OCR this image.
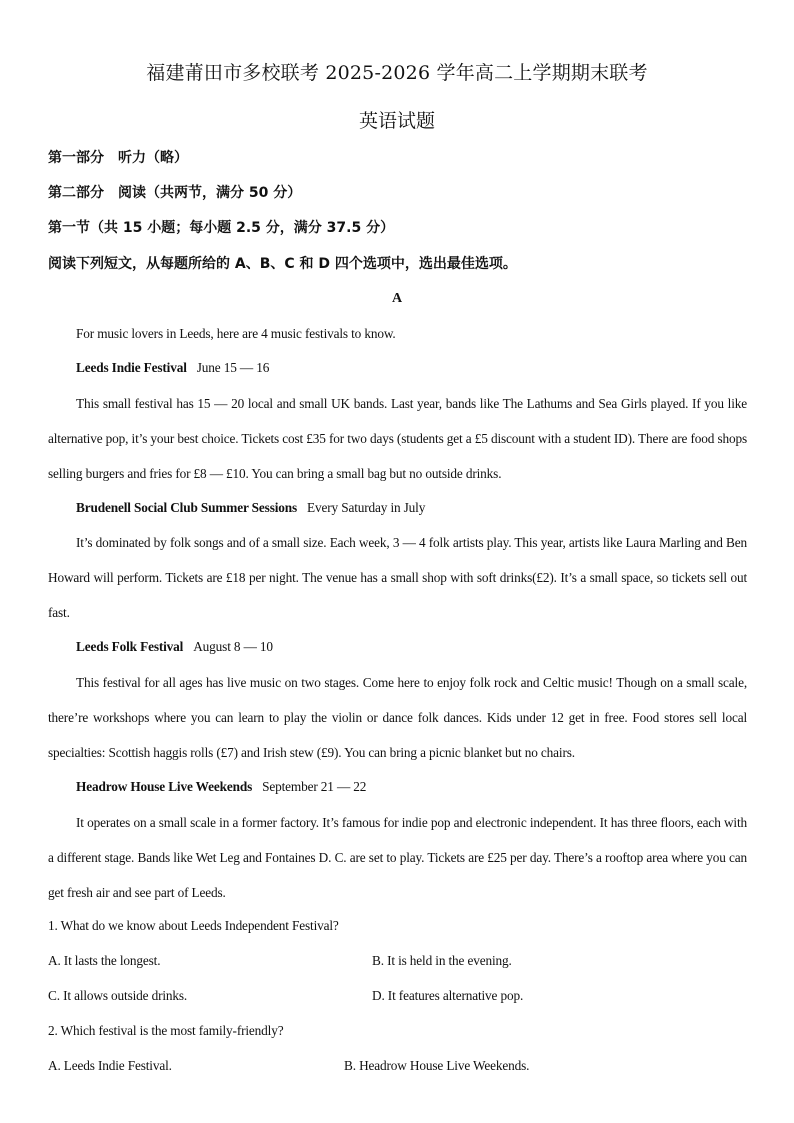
福建莆田市多校联考 2025-2026 学年高二上学期期末联考
英语试题
第一部分　听力（略）
第二部分　阅读（共两节，满分 50 分）
第一节（共 15 小题；每小题 2.5 分，满分 37.5 分）
阅读下列短文，从每题所给的 A、B、C 和 D 四个选项中，选出最佳选项。
A
For music lovers in Leeds, here are 4 music festivals to know.
Leeds Indie Festival June 15 — 16
This small festival has 15 — 20 local and small UK bands. Last year, bands like The Lathums and Sea Girls played. If you like alternative pop, it’s your best choice. Tickets cost £35 for two days (students get a £5 discount with a student ID). There are food shops selling burgers and fries for £8 — £10. You can bring a small bag but no outside drinks.
Brudenell Social Club Summer Sessions Every Saturday in July
It’s dominated by folk songs and of a small size. Each week, 3 — 4 folk artists play. This year, artists like Laura Marling and Ben Howard will perform. Tickets are £18 per night. The venue has a small shop with soft drinks(£2). It’s a small space, so tickets sell out fast.
Leeds Folk Festival August 8 — 10
This festival for all ages has live music on two stages. Come here to enjoy folk rock and Celtic music! Though on a small scale, there’re workshops where you can learn to play the violin or dance folk dances. Kids under 12 get in free. Food stores sell local specialties: Scottish haggis rolls (£7) and Irish stew (£9). You can bring a picnic blanket but no chairs.
Headrow House Live Weekends September 21 — 22
It operates on a small scale in a former factory. It’s famous for indie pop and electronic independent. It has three floors, each with a different stage. Bands like Wet Leg and Fontaines D. C. are set to play. Tickets are £25 per day. There’s a rooftop area where you can get fresh air and see part of Leeds.
1. What do we know about Leeds Independent Festival?
A. It lasts the longest.	B. It is held in the evening.
C. It allows outside drinks.	D. It features alternative pop.
2. Which festival is the most family-friendly?
A. Leeds Indie Festival.	B. Headrow House Live Weekends.
